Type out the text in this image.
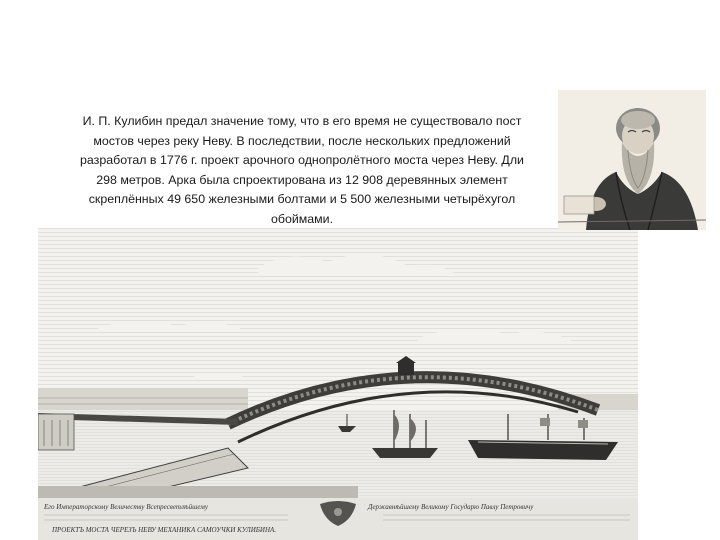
И. П. Кулибин предал значение тому, что в его время не существовало пост
мостов через реку Неву. В последствии, после нескольких предложений
разработал в 1776 г. проект арочного однопролётного моста через Неву. Дли
298 метров. Арка была спроектирована из 12 908 деревянных элемент
скреплённых 49 650 железными болтами и 5 500 железными четырёхугол
обоймами.
Его Императорскому Величеству Всепресветлѣйшему	Державнѣйшему Великому Государю Павлу Петровичу
ПРОЕКТЪ МОСТА ЧЕРЕЗЪ НЕВУ МЕХАНИКА САМОУЧКИ КУЛИБИНА.
